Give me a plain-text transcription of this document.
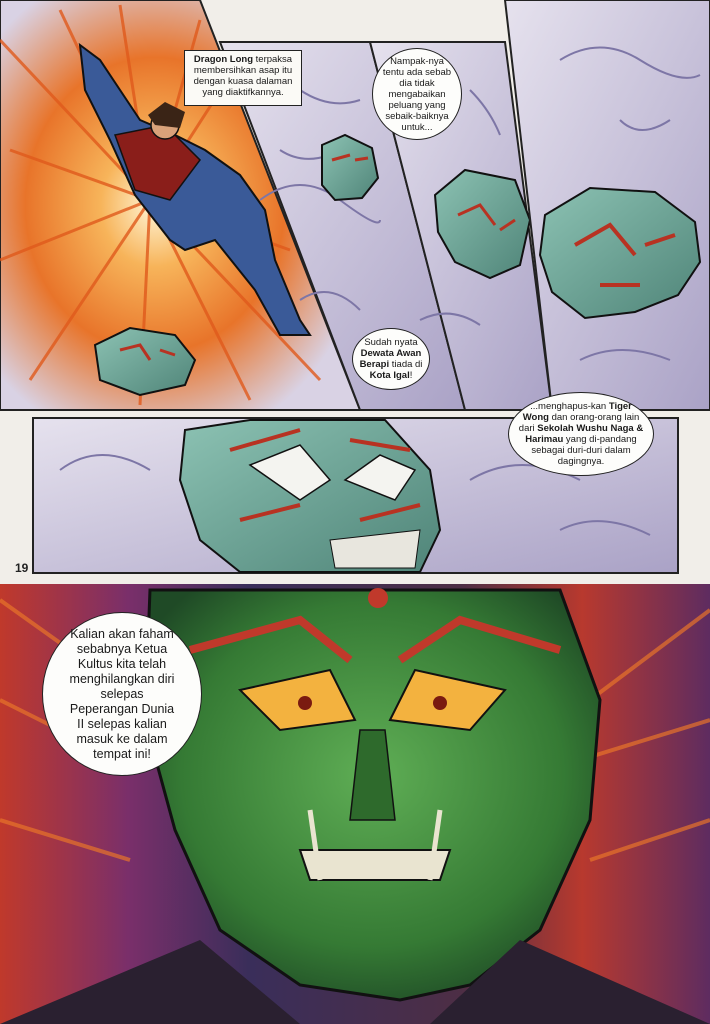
Dragon Long terpaksa membersihkan asap itu dengan kuasa dalaman yang diaktifkannya.
Nampak-nya tentu ada sebab dia tidak mengabaikan peluang yang sebaik-baiknya untuk...
Sudah nyata Dewata Awan Berapi tiada di Kota Igal!
...menghapus-kan Tiger Wong dan orang-orang lain dari Sekolah Wushu Naga & Harimau yang di-pandang sebagai duri-duri dalam dagingnya.
Kalian akan faham sebabnya Ketua Kultus kita telah menghilangkan diri selepas Peperangan Dunia II selepas kalian masuk ke dalam tempat ini!
19
